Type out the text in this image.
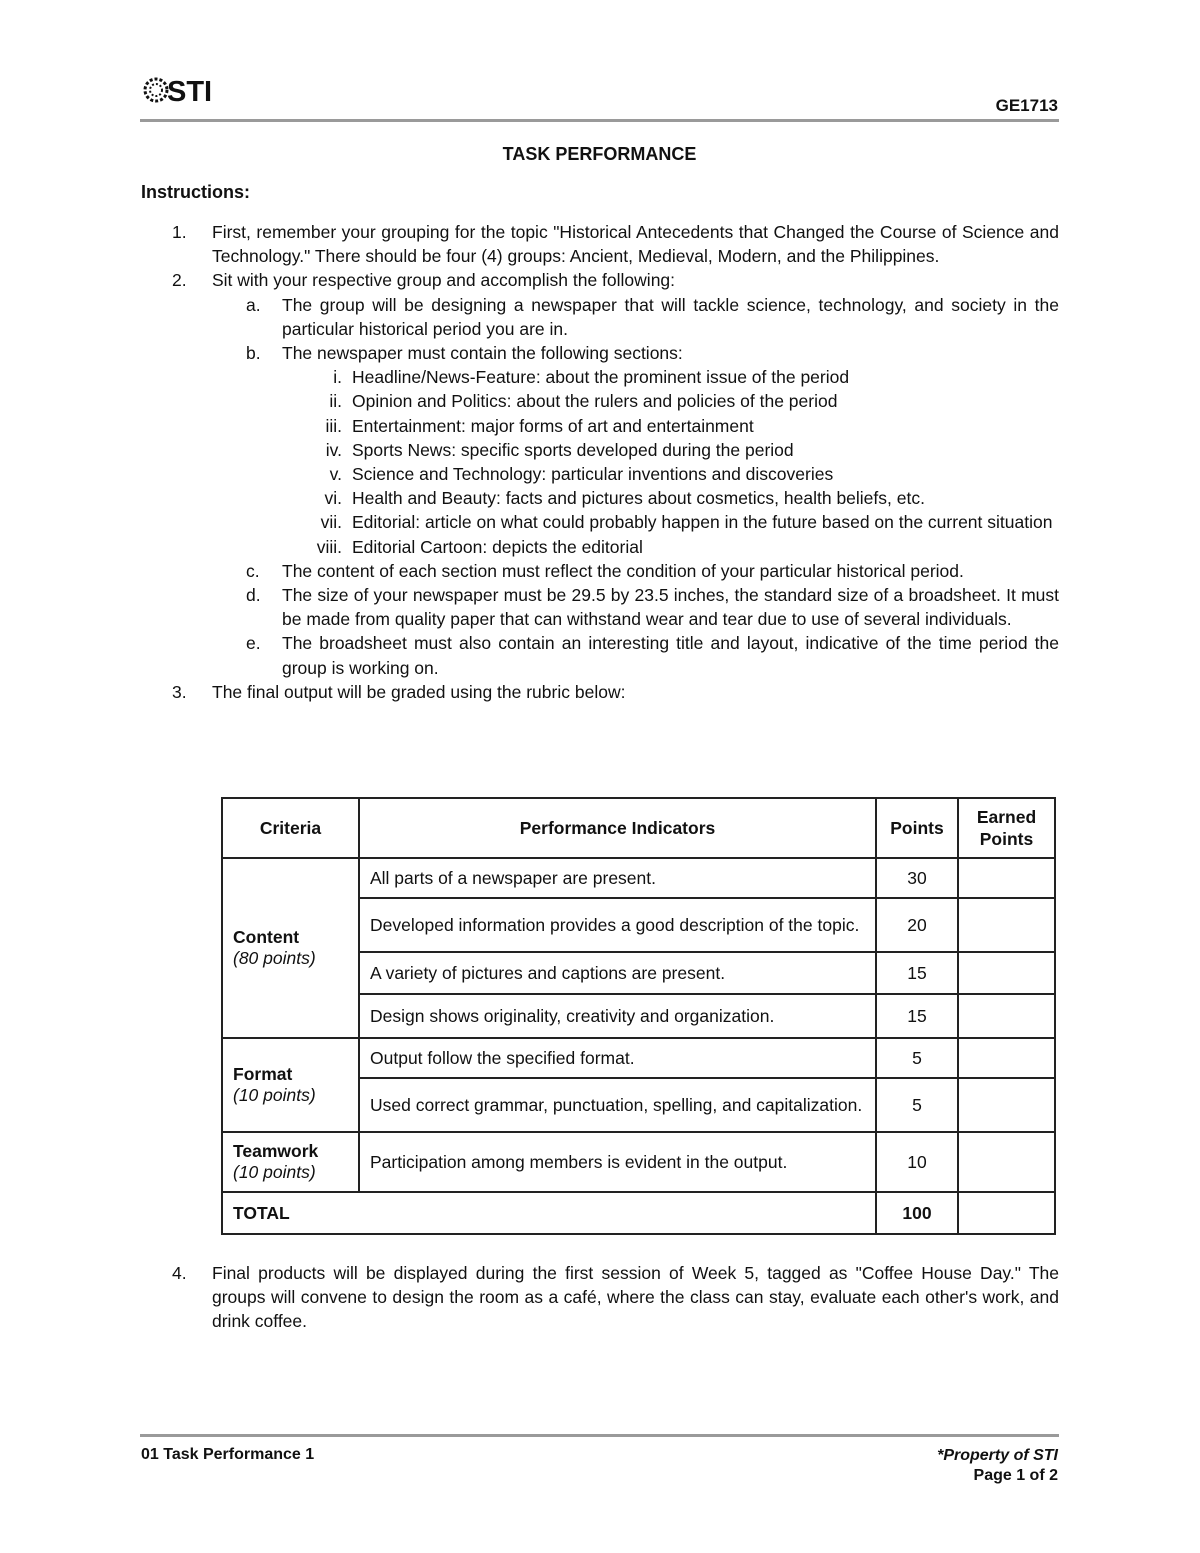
STI	GE1713
TASK PERFORMANCE
Instructions:
1.	First, remember your grouping for the topic "Historical Antecedents that Changed the Course of Science and Technology." There should be four (4) groups: Ancient, Medieval, Modern, and the Philippines.
2.	Sit with your respective group and accomplish the following:
a.	The group will be designing a newspaper that will tackle science, technology, and society in the particular historical period you are in.
b.	The newspaper must contain the following sections:
i. Headline/News-Feature: about the prominent issue of the period
ii. Opinion and Politics: about the rulers and policies of the period
iii. Entertainment: major forms of art and entertainment
iv. Sports News: specific sports developed during the period
v. Science and Technology: particular inventions and discoveries
vi. Health and Beauty: facts and pictures about cosmetics, health beliefs, etc.
vii. Editorial: article on what could probably happen in the future based on the current situation
viii. Editorial Cartoon: depicts the editorial
c.	The content of each section must reflect the condition of your particular historical period.
d.	The size of your newspaper must be 29.5 by 23.5 inches, the standard size of a broadsheet. It must be made from quality paper that can withstand wear and tear due to use of several individuals.
e.	The broadsheet must also contain an interesting title and layout, indicative of the time period the group is working on.
3.	The final output will be graded using the rubric below:
Criteria	Performance Indicators	Points	Earned Points

Content
(80 points)	All parts of a newspaper are present.	30	
	Developed information provides a good description of the topic.	20	
	A variety of pictures and captions are present.	15	
	Design shows originality, creativity and organization.	15	

Format
(10 points)	Output follow the specified format.	5	
	Used correct grammar, punctuation, spelling, and capitalization.	5	

Teamwork
(10 points)	Participation among members is evident in the output.	10	
TOTAL		100	
4.	Final products will be displayed during the first session of Week 5, tagged as "Coffee House Day." The groups will convene to design the room as a café, where the class can stay, evaluate each other's work, and drink coffee.
01 Task Performance 1	*Property of STI
Page 1 of 2
